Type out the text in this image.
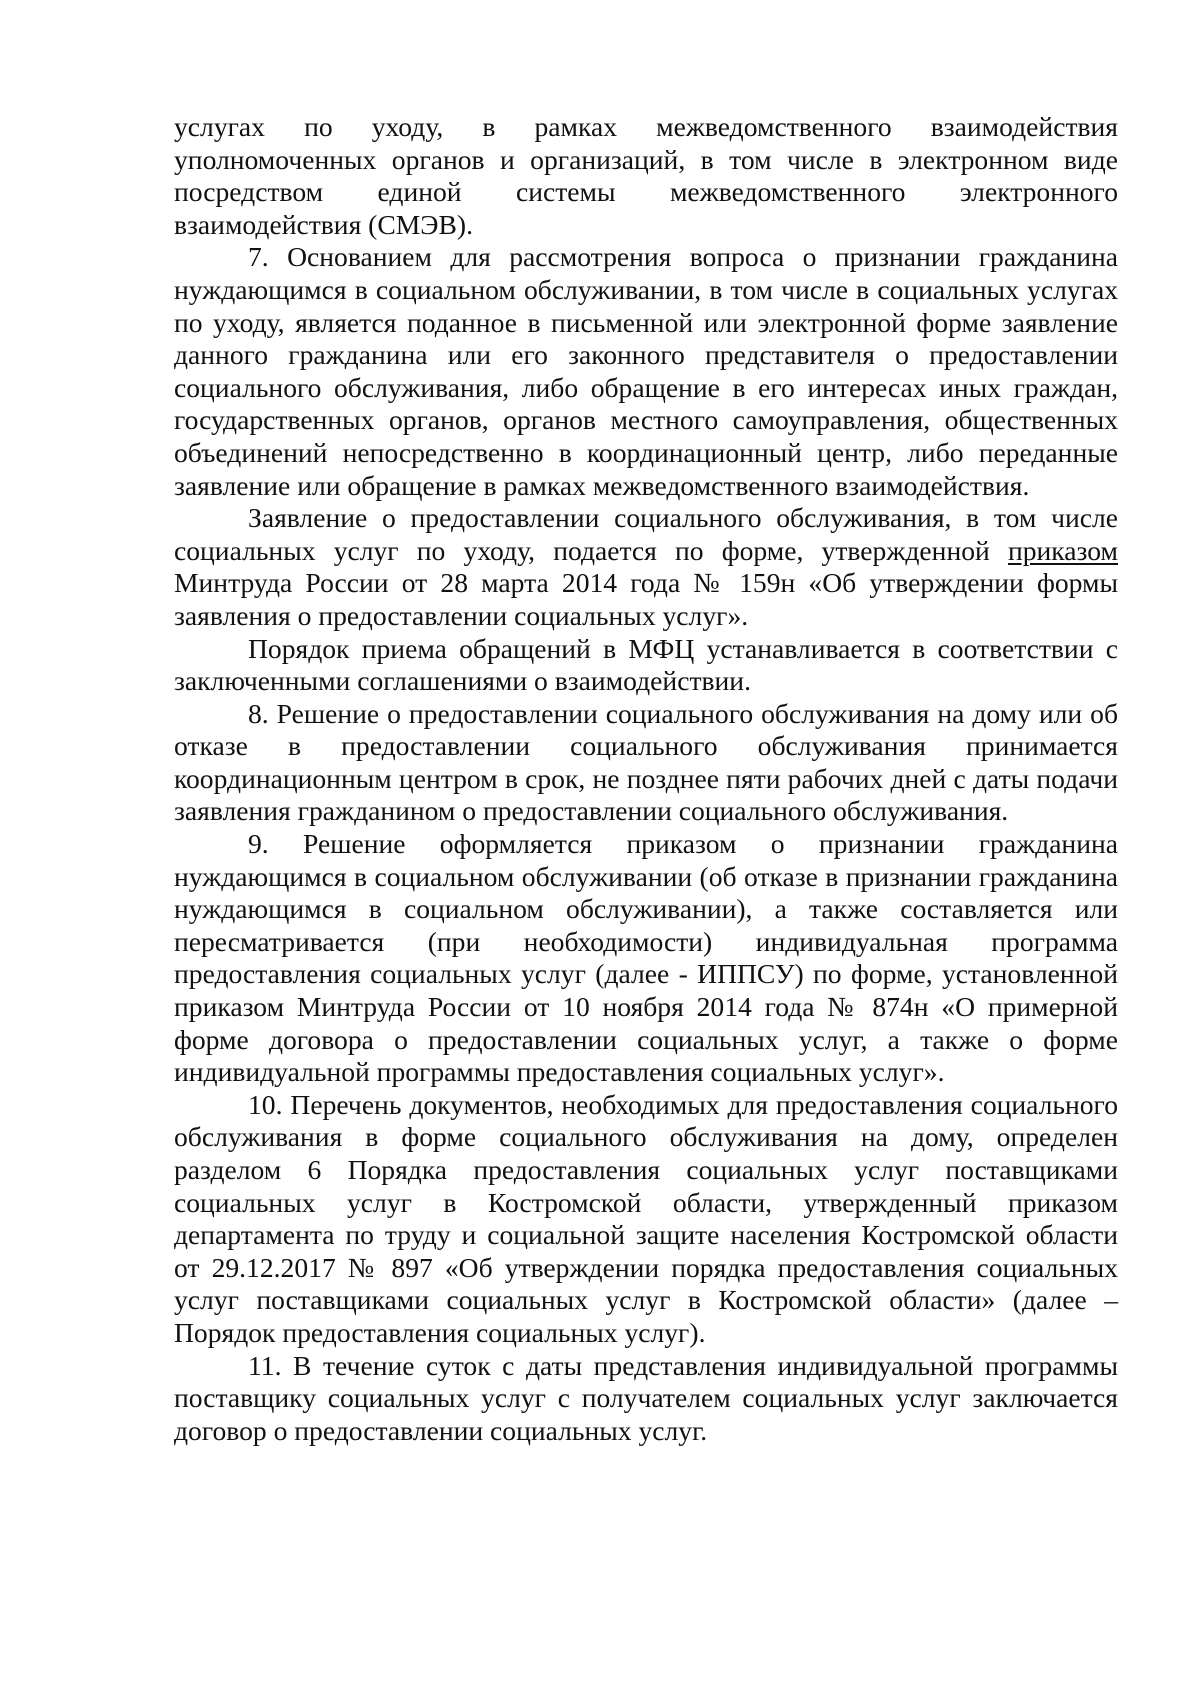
услугах по уходу, в рамках межведомственного взаимодействия уполномоченных органов и организаций, в том числе в электронном виде посредством единой системы межведомственного электронного взаимодействия (СМЭВ).

7. Основанием для рассмотрения вопроса о признании гражданина нуждающимся в социальном обслуживании, в том числе в социальных услугах по уходу, является поданное в письменной или электронной форме заявление данного гражданина или его законного представителя о предоставлении социального обслуживания, либо обращение в его интересах иных граждан, государственных органов, органов местного самоуправления, общественных объединений непосредственно в координационный центр, либо переданные заявление или обращение в рамках межведомственного взаимодействия.

Заявление о предоставлении социального обслуживания, в том числе социальных услуг по уходу, подается по форме, утвержденной приказом Минтруда России от 28 марта 2014 года № 159н «Об утверждении формы заявления о предоставлении социальных услуг».

Порядок приема обращений в МФЦ устанавливается в соответствии с заключенными соглашениями о взаимодействии.

8. Решение о предоставлении социального обслуживания на дому или об отказе в предоставлении социального обслуживания принимается координационным центром в срок, не позднее пяти рабочих дней с даты подачи заявления гражданином о предоставлении социального обслуживания.

9. Решение оформляется приказом о признании гражданина нуждающимся в социальном обслуживании (об отказе в признании гражданина нуждающимся в социальном обслуживании), а также составляется или пересматривается (при необходимости) индивидуальная программа предоставления социальных услуг (далее - ИППСУ) по форме, установленной приказом Минтруда России от 10 ноября 2014 года № 874н «О примерной форме договора о предоставлении социальных услуг, а также о форме индивидуальной программы предоставления социальных услуг».

10. Перечень документов, необходимых для предоставления социального обслуживания в форме социального обслуживания на дому, определен разделом 6 Порядка предоставления социальных услуг поставщиками социальных услуг в Костромской области, утвержденный приказом департамента по труду и социальной защите населения Костромской области от 29.12.2017 № 897 «Об утверждении порядка предоставления социальных услуг поставщиками социальных услуг в Костромской области» (далее – Порядок предоставления социальных услуг).

11. В течение суток с даты представления индивидуальной программы поставщику социальных услуг с получателем социальных услуг заключается договор о предоставлении социальных услуг.
